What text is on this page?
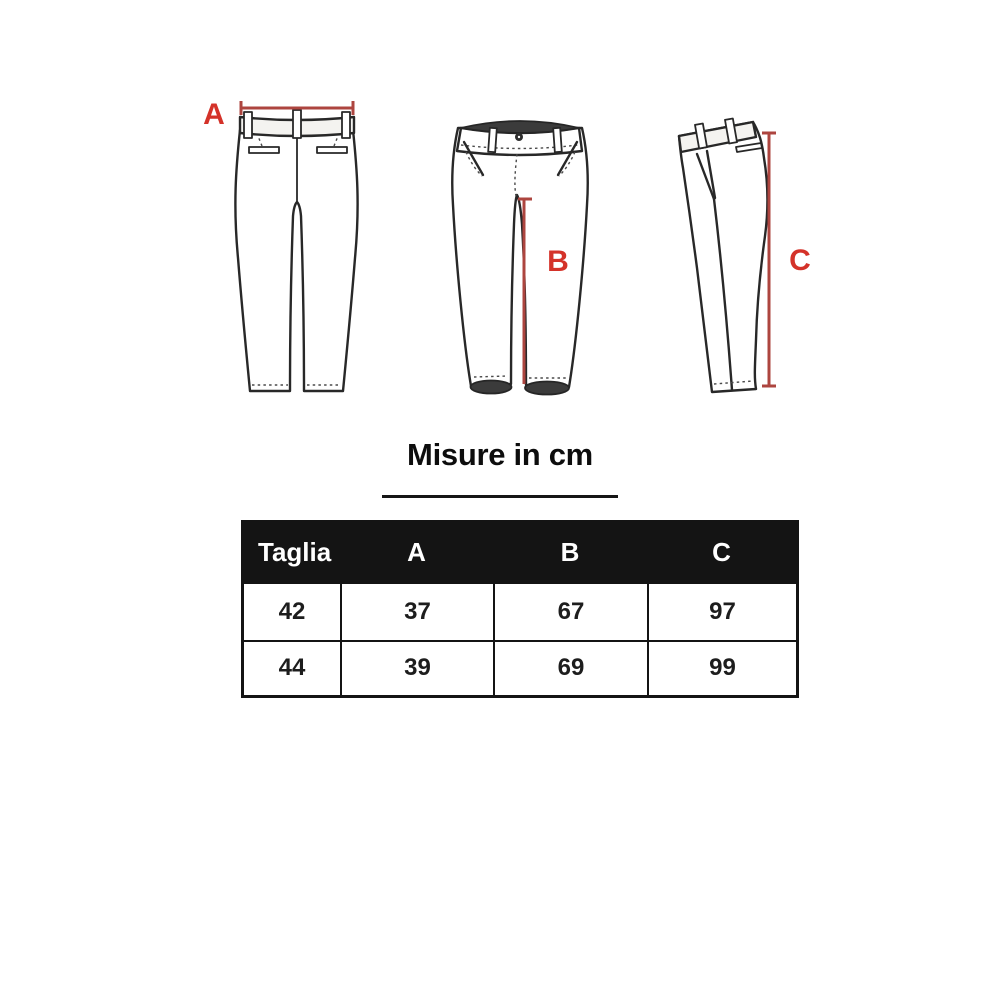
A
B	C
Misure in cm
Taglia	A	B	C
42	37	67	97
44	39	69	99
